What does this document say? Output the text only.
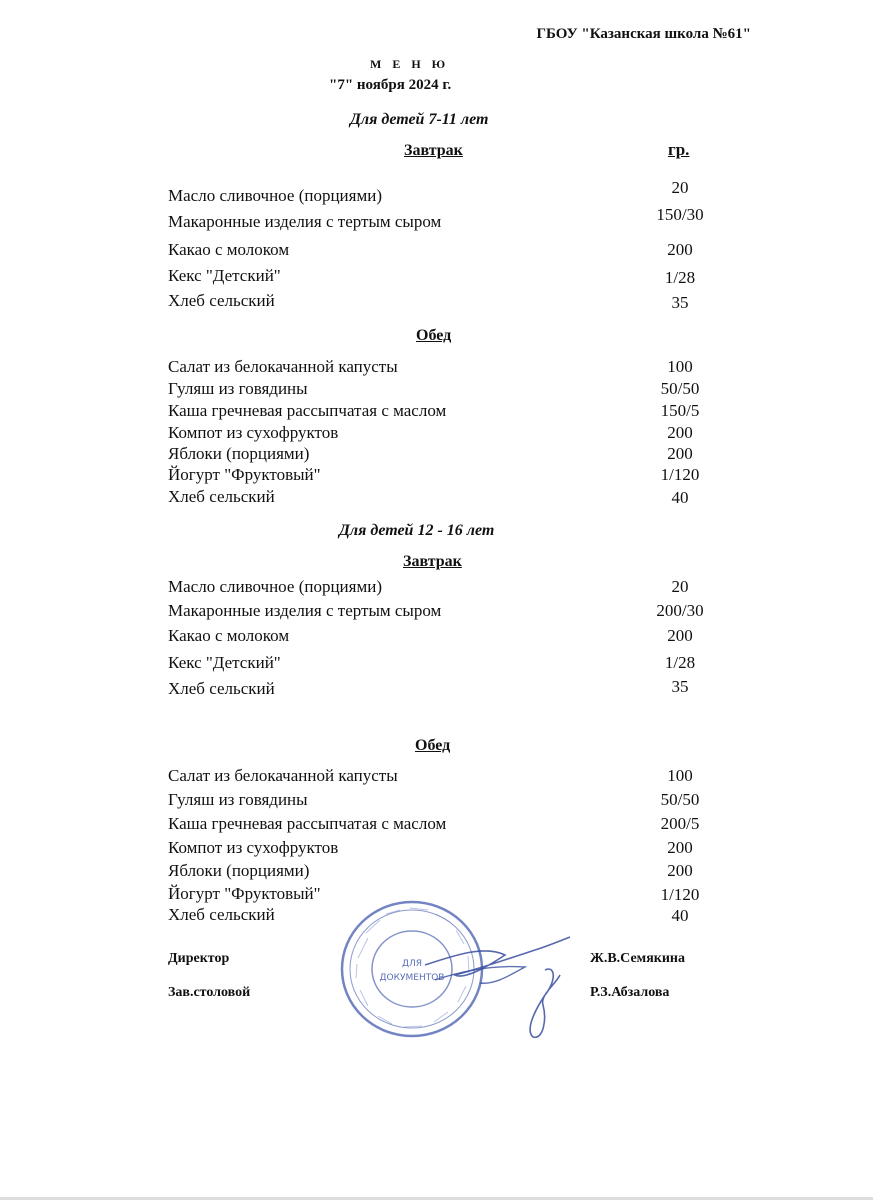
ГБОУ "Казанская школа №61"
М Е Н Ю
"7" ноября 2024 г.
Для детей 7-11 лет
Завтрак	гр.
Масло сливочное (порциями)	20
Макаронные изделия с тертым сыром	150/30
Какао с молоком	200
Кекс "Детский"	1/28
Хлеб сельский	35
Обед
Салат из белокачанной капусты	100
Гуляш из говядины	50/50
Каша гречневая рассыпчатая с маслом	150/5
Компот из сухофруктов	200
Яблоки (порциями)	200
Йогурт "Фруктовый"	1/120
Хлеб сельский	40
Для детей 12 - 16 лет
Завтрак
Масло сливочное (порциями)	20
Макаронные изделия с тертым сыром	200/30
Какао с молоком	200
Кекс "Детский"	1/28
Хлеб сельский	35
Обед
Салат из белокачанной капусты	100
Гуляш из говядины	50/50
Каша гречневая рассыпчатая с маслом	200/5
Компот из сухофруктов	200
Яблоки (порциями)	200
Йогурт "Фруктовый"	1/120
Хлеб сельский	40
ДЛЯ
ДОКУМЕНТОВ
Директор	Ж.В.Семякина
Зав.столовой	Р.З.Абзалова
